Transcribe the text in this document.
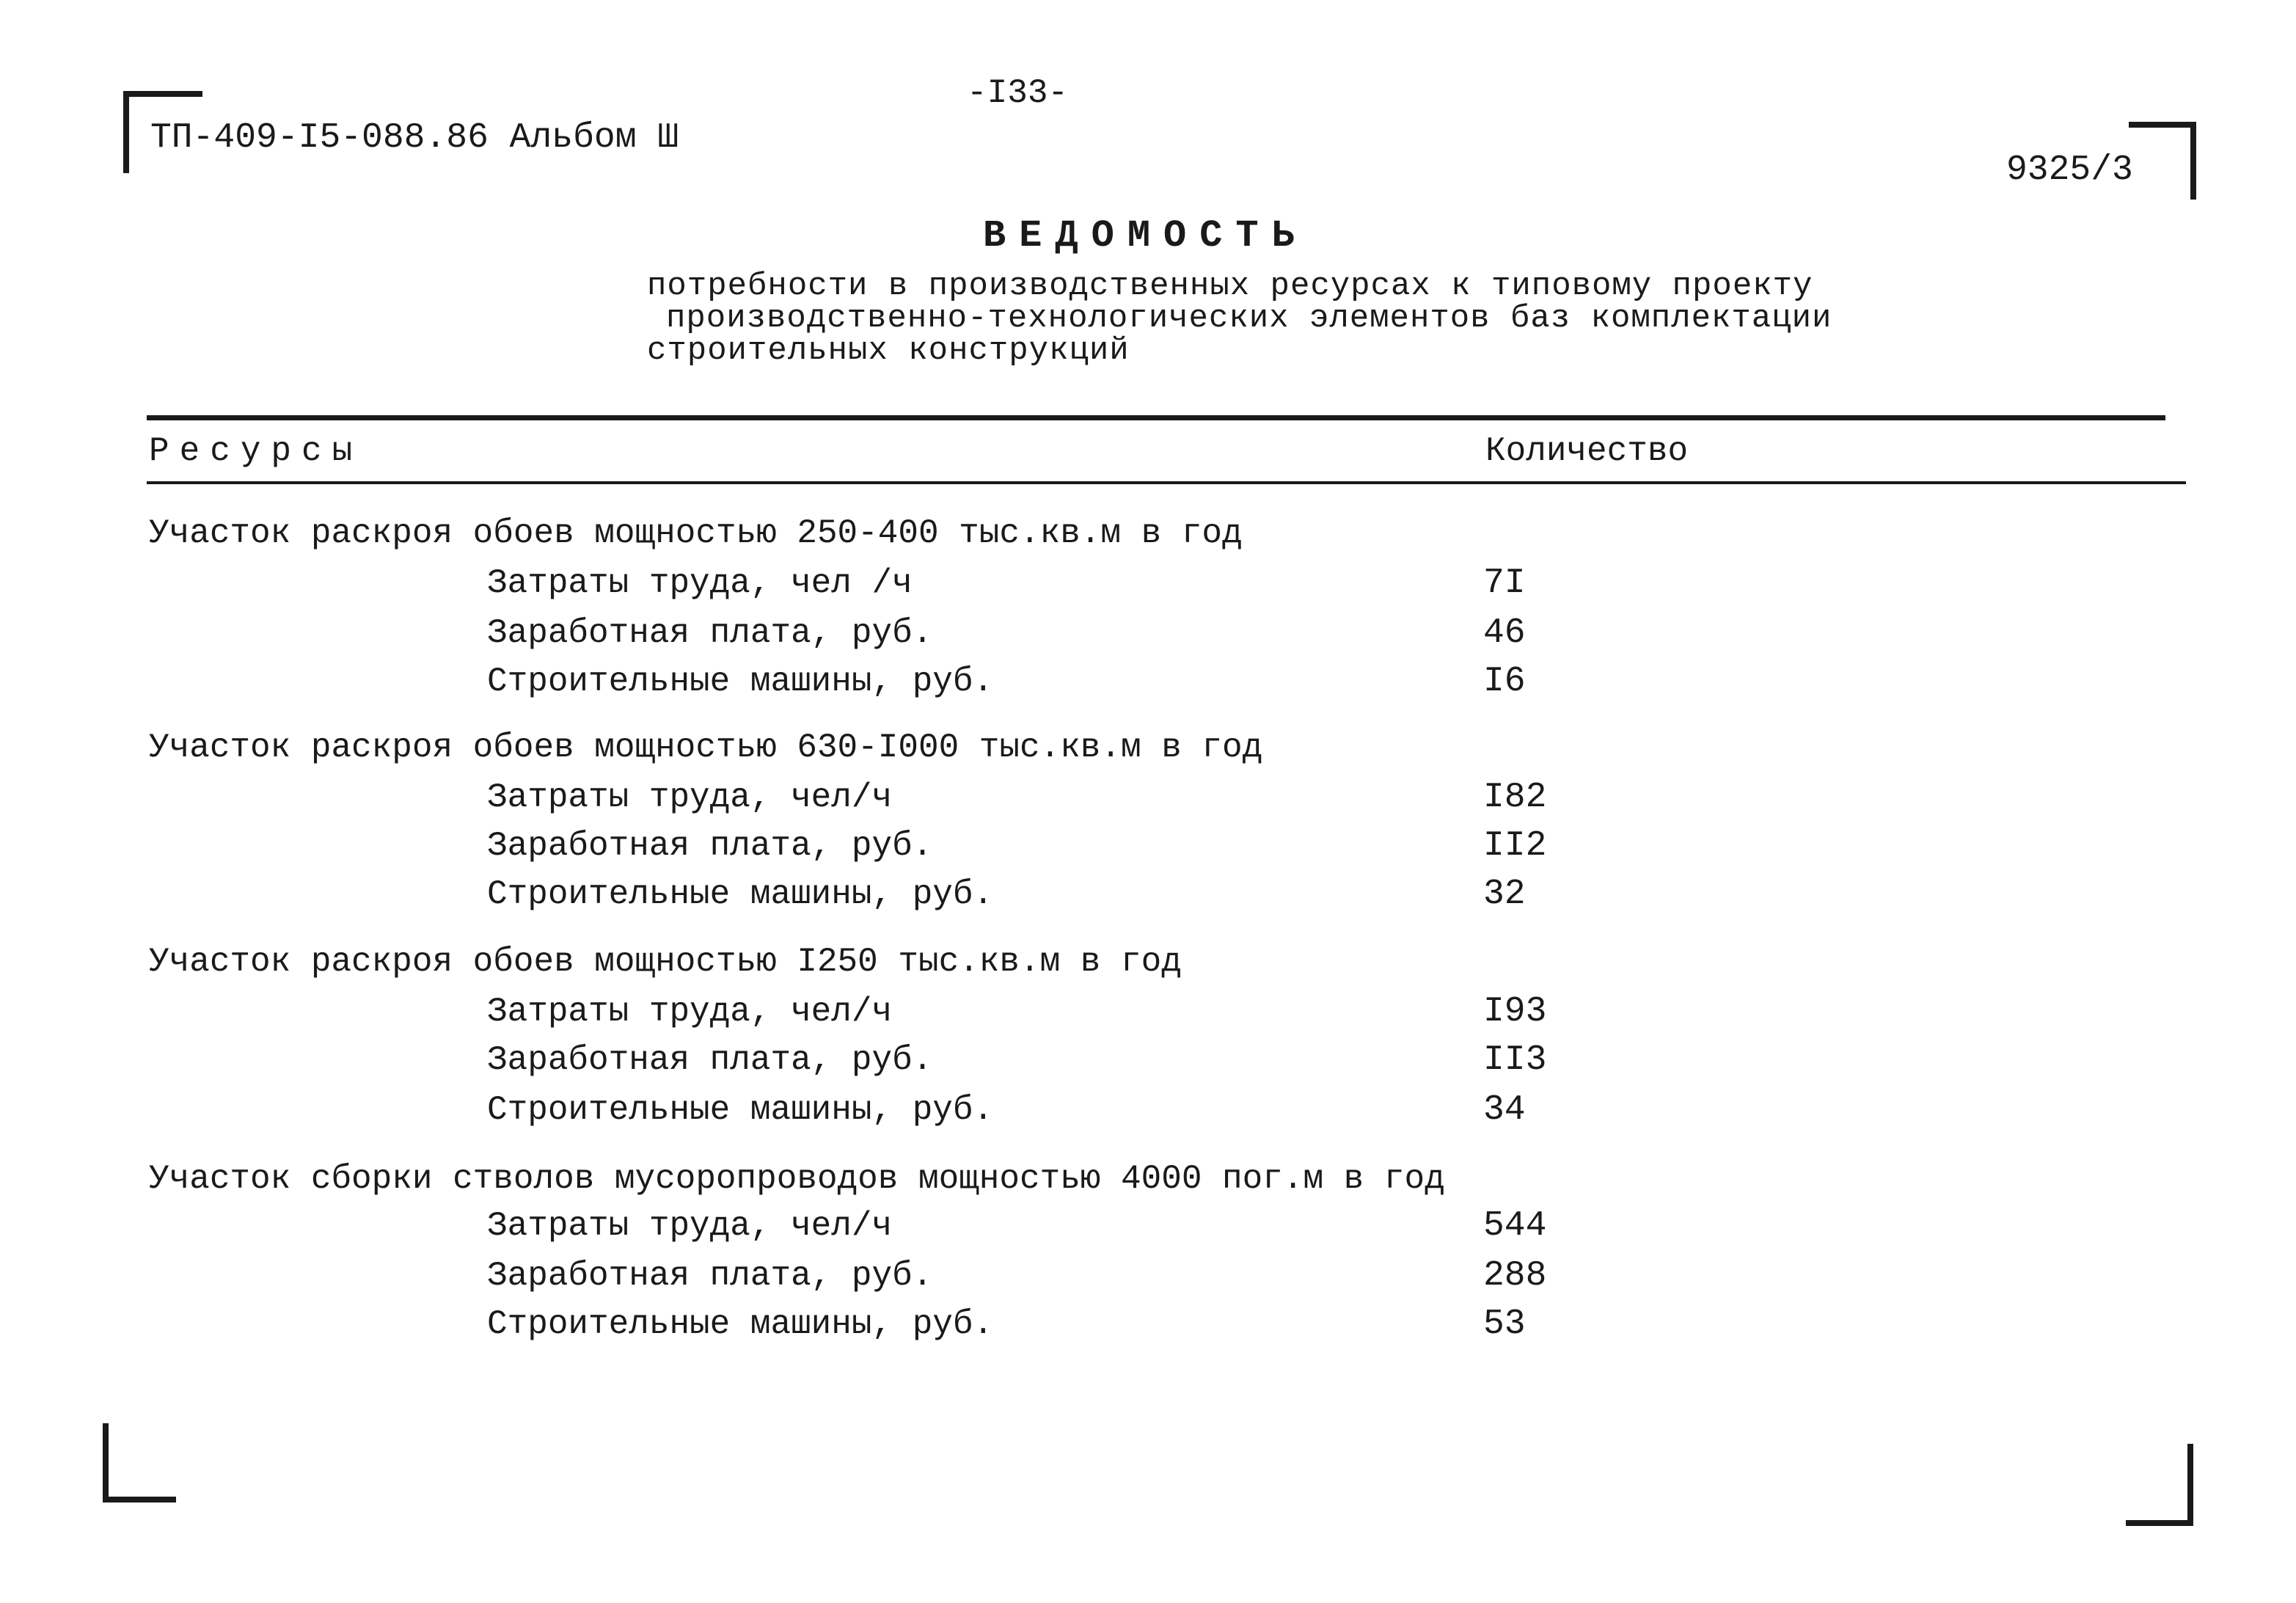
-I33-
ТП-409-I5-088.86 Альбом Ш
9325/3
ВЕДОМОСТЬ
потребности в производственных ресурсах к типовому проекту
производственно-технологических элементов баз комплектации
строительных конструкций
Ресурсы	Количество
Участок раскроя обоев мощностью 250-400 тыс.кв.м в год
Затраты труда, чел /ч	7I
Заработная плата, руб.	46
Строительные машины, руб.	I6
Участок раскроя обоев мощностью 630-I000 тыс.кв.м в год
Затраты труда, чел/ч	I82
Заработная плата, руб.	II2
Строительные машины, руб.	32
Участок раскроя обоев мощностью I250 тыс.кв.м в год
Затраты труда, чел/ч	I93
Заработная плата, руб.	II3
Строительные машины, руб.	34
Участок сборки стволов мусоропроводов мощностью 4000 пог.м в год
Затраты труда, чел/ч	544
Заработная плата, руб.	288
Строительные машины, руб.	53
